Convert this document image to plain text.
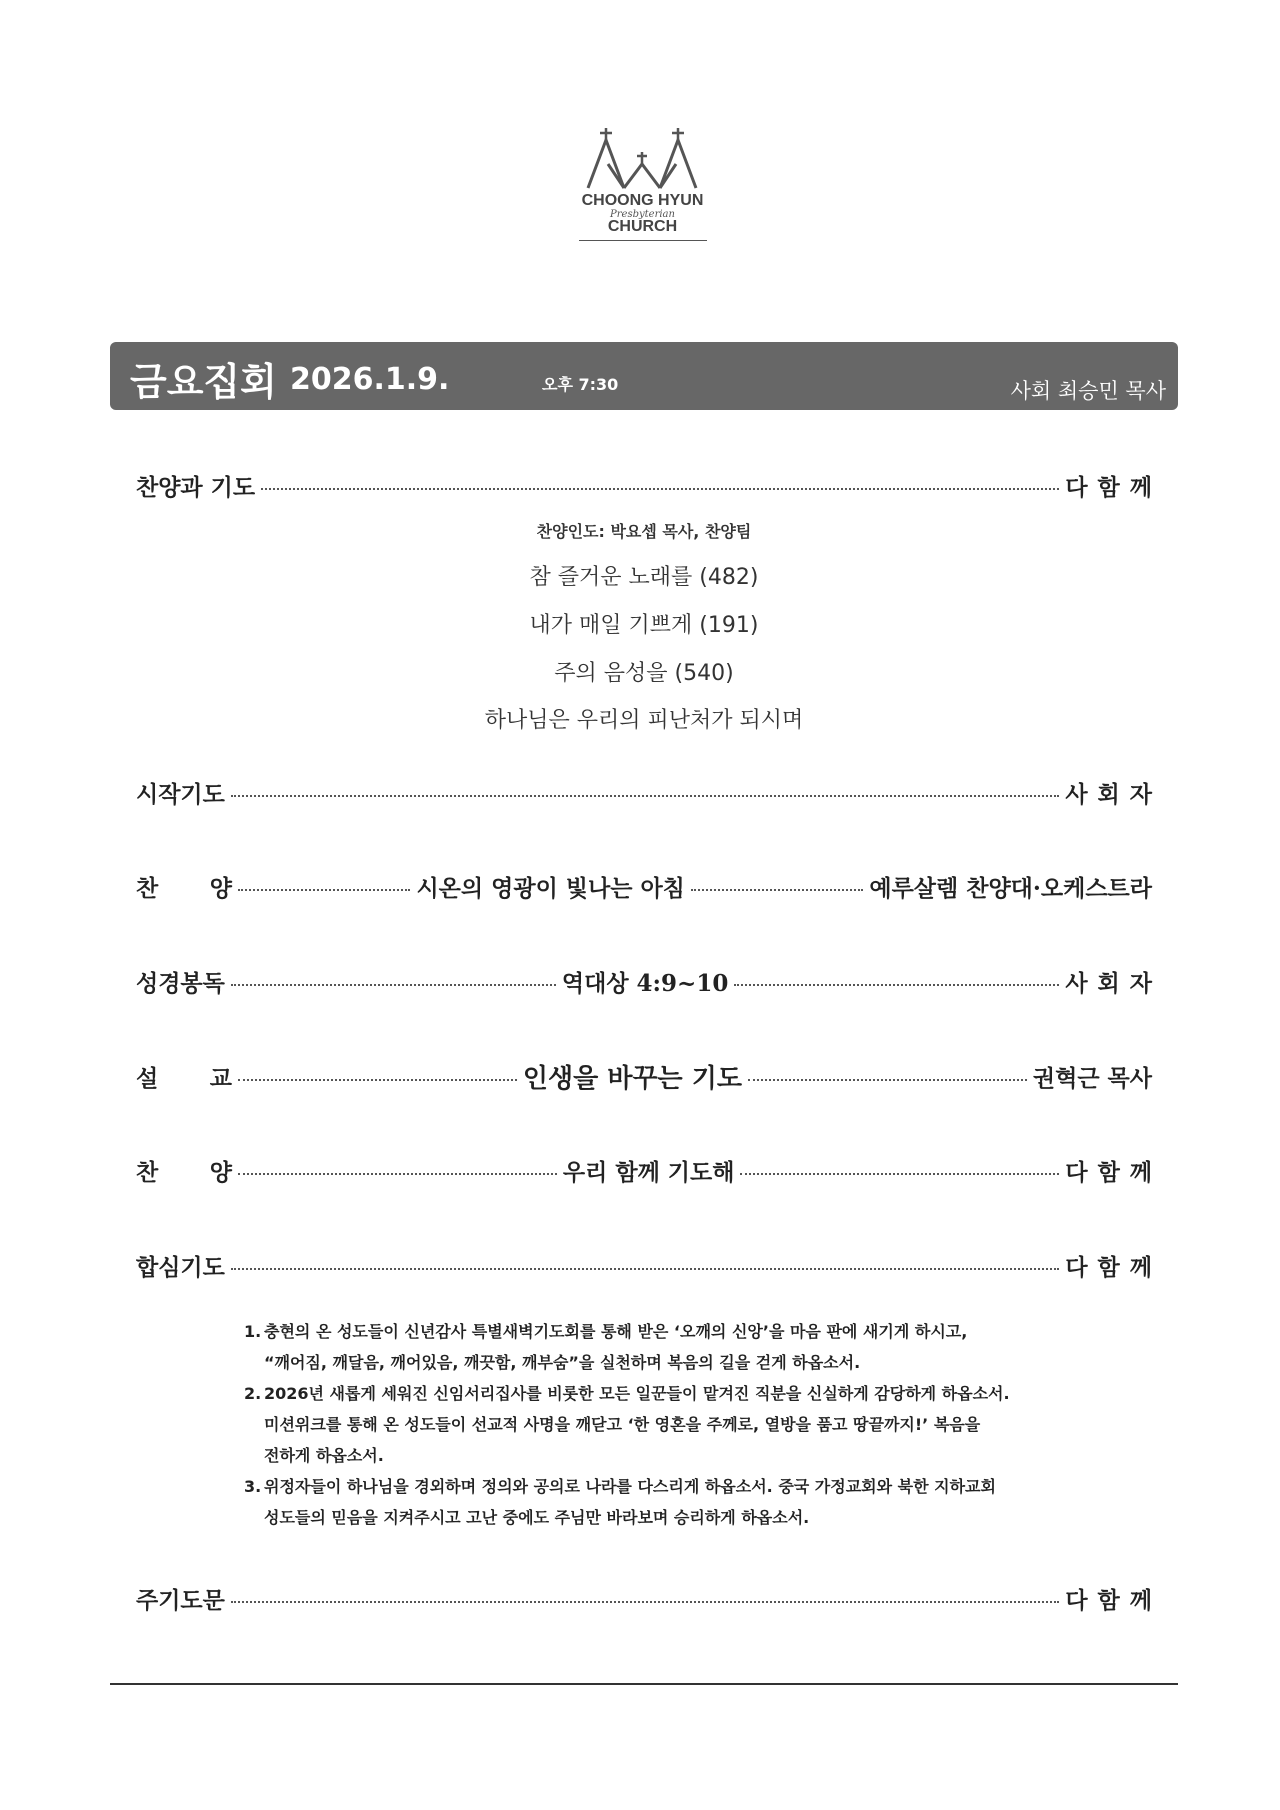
CHOONG HYUN
Presbyterian
CHURCH
금요집회 2026.1.9.	오후 7:30	사회 최승민 목사
찬양과 기도	다함께
찬양인도: 박요셉 목사, 찬양팀
참 즐거운 노래를 (482)
내가 매일 기쁘게 (191)
주의 음성을 (540)
하나님은 우리의 피난처가 되시며
시작기도	사회자
찬 양	시온의 영광이 빛나는 아침	예루살렘 찬양대·오케스트라
성경봉독	역대상 4:9~10	사회자
설 교	인생을 바꾸는 기도	권혁근 목사
찬 양	우리 함께 기도해	다함께
합심기도	다함께
1. 충현의 온 성도들이 신년감사 특별새벽기도회를 통해 받은 ‘오깨의 신앙’을 마음 판에 새기게 하시고,
“깨어짐, 깨달음, 깨어있음, 깨끗함, 깨부숨”을 실천하며 복음의 길을 걷게 하옵소서.
2. 2026년 새롭게 세워진 신임서리집사를 비롯한 모든 일꾼들이 맡겨진 직분을 신실하게 감당하게 하옵소서.
미션위크를 통해 온 성도들이 선교적 사명을 깨닫고 ‘한 영혼을 주께로, 열방을 품고 땅끝까지!’ 복음을
전하게 하옵소서.
3. 위정자들이 하나님을 경외하며 정의와 공의로 나라를 다스리게 하옵소서. 중국 가정교회와 북한 지하교회
성도들의 믿음을 지켜주시고 고난 중에도 주님만 바라보며 승리하게 하옵소서.
주기도문	다함께
